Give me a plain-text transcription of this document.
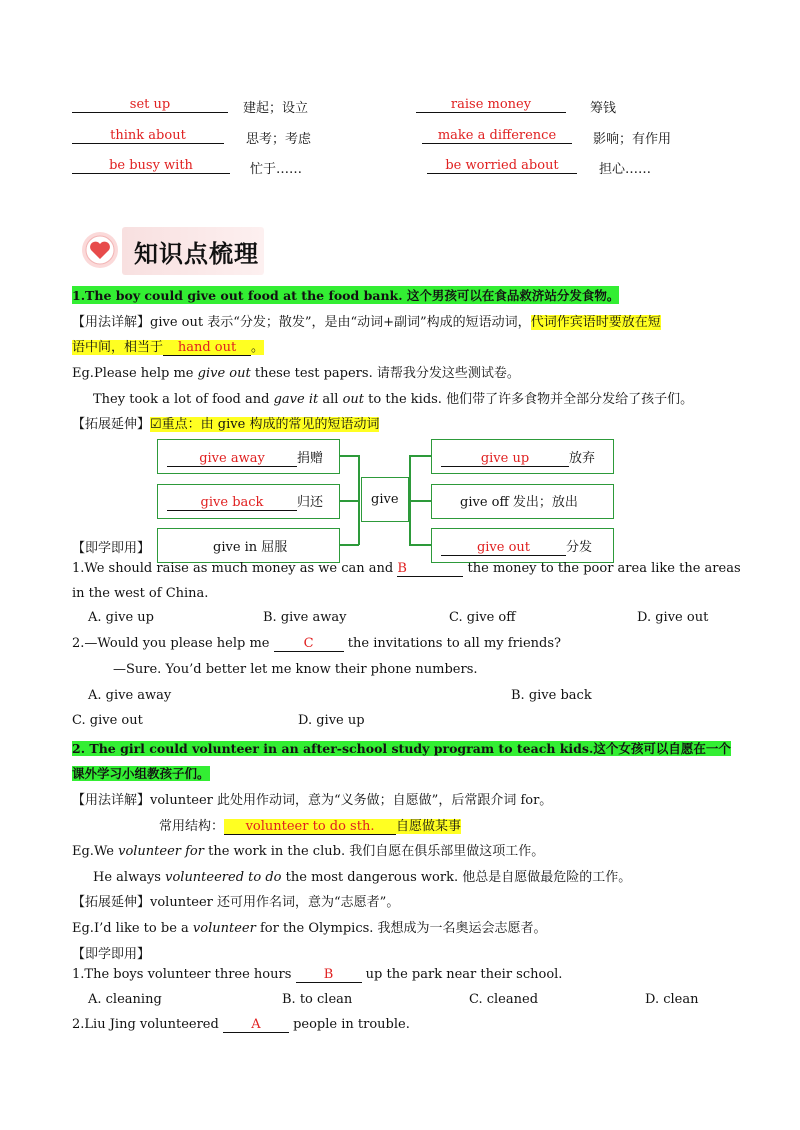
set up	建起；设立	raise money	筹钱
think about	思考；考虑	make a difference	影响；有作用
be busy with	忙于……	be worried about	担心……
知识点梳理
1.The boy could give out food at the food bank. 这个男孩可以在食品救济站分发食物。
【用法详解】give out 表示“分发；散发”，是由“动词+副词”构成的短语动词，代词作宾语时要放在短
语中间，相当于 hand out 。
Eg.Please help me give out these test papers. 请帮我分发这些测试卷。
They took a lot of food and gave it all out to the kids. 他们带了许多食物并全部分发给了孩子们。
【拓展延伸】☑重点：由 give 构成的常见的短语动词
give away 捐赠
give back	归还
give in 屈服
give
give up	放弃
give off 发出；放出
give out	分发
【即学即用】
1.We should raise as much money as we can and B	the money to the poor area like the areas
in the west of China.
A. give up	B. give away	C. give off	D. give out
2.—Would you please help me	C	the invitations to all my friends?
—Sure. You’d better let me know their phone numbers.
A. give away	B. give back
C. give out	D. give up
2. The girl could volunteer in an after-school study program to teach kids.这个女孩可以自愿在一个
课外学习小组教孩子们。
【用法详解】volunteer 此处用作动词，意为“义务做；自愿做”，后常跟介词 for。
常用结构： volunteer to do sth. 自愿做某事
Eg.We volunteer for the work in the club. 我们自愿在俱乐部里做这项工作。
He always volunteered to do the most dangerous work. 他总是自愿做最危险的工作。
【拓展延伸】volunteer 还可用作名词，意为“志愿者”。
Eg.I’d like to be a volunteer for the Olympics. 我想成为一名奥运会志愿者。
【即学即用】
1.The boys volunteer three hours B up the park near their school.
A. cleaning	B. to clean	C. cleaned	D. clean
2.Liu Jing volunteered A people in trouble.
